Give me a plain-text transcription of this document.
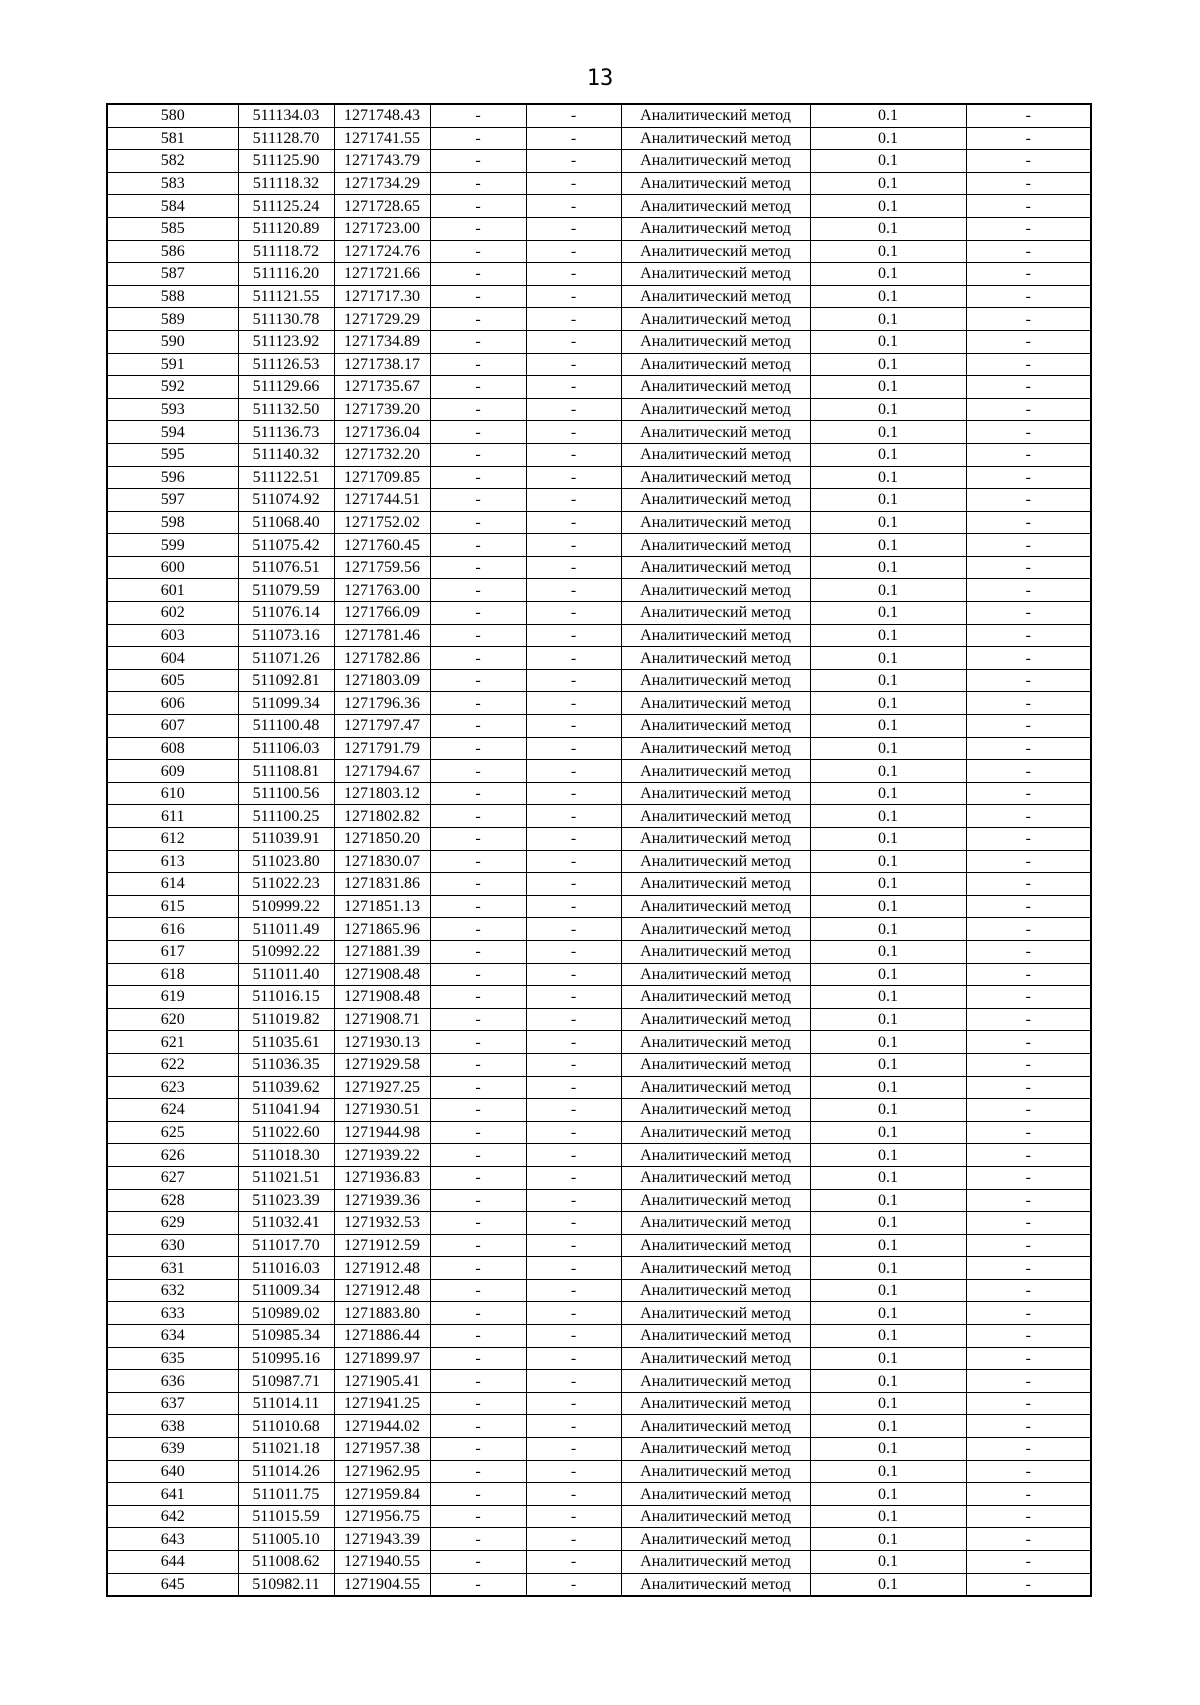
13
580	511134.03	1271748.43	-	-	Аналитический метод	0.1	-
581	511128.70	1271741.55	-	-	Аналитический метод	0.1	-
582	511125.90	1271743.79	-	-	Аналитический метод	0.1	-
583	511118.32	1271734.29	-	-	Аналитический метод	0.1	-
584	511125.24	1271728.65	-	-	Аналитический метод	0.1	-
585	511120.89	1271723.00	-	-	Аналитический метод	0.1	-
586	511118.72	1271724.76	-	-	Аналитический метод	0.1	-
587	511116.20	1271721.66	-	-	Аналитический метод	0.1	-
588	511121.55	1271717.30	-	-	Аналитический метод	0.1	-
589	511130.78	1271729.29	-	-	Аналитический метод	0.1	-
590	511123.92	1271734.89	-	-	Аналитический метод	0.1	-
591	511126.53	1271738.17	-	-	Аналитический метод	0.1	-
592	511129.66	1271735.67	-	-	Аналитический метод	0.1	-
593	511132.50	1271739.20	-	-	Аналитический метод	0.1	-
594	511136.73	1271736.04	-	-	Аналитический метод	0.1	-
595	511140.32	1271732.20	-	-	Аналитический метод	0.1	-
596	511122.51	1271709.85	-	-	Аналитический метод	0.1	-
597	511074.92	1271744.51	-	-	Аналитический метод	0.1	-
598	511068.40	1271752.02	-	-	Аналитический метод	0.1	-
599	511075.42	1271760.45	-	-	Аналитический метод	0.1	-
600	511076.51	1271759.56	-	-	Аналитический метод	0.1	-
601	511079.59	1271763.00	-	-	Аналитический метод	0.1	-
602	511076.14	1271766.09	-	-	Аналитический метод	0.1	-
603	511073.16	1271781.46	-	-	Аналитический метод	0.1	-
604	511071.26	1271782.86	-	-	Аналитический метод	0.1	-
605	511092.81	1271803.09	-	-	Аналитический метод	0.1	-
606	511099.34	1271796.36	-	-	Аналитический метод	0.1	-
607	511100.48	1271797.47	-	-	Аналитический метод	0.1	-
608	511106.03	1271791.79	-	-	Аналитический метод	0.1	-
609	511108.81	1271794.67	-	-	Аналитический метод	0.1	-
610	511100.56	1271803.12	-	-	Аналитический метод	0.1	-
611	511100.25	1271802.82	-	-	Аналитический метод	0.1	-
612	511039.91	1271850.20	-	-	Аналитический метод	0.1	-
613	511023.80	1271830.07	-	-	Аналитический метод	0.1	-
614	511022.23	1271831.86	-	-	Аналитический метод	0.1	-
615	510999.22	1271851.13	-	-	Аналитический метод	0.1	-
616	511011.49	1271865.96	-	-	Аналитический метод	0.1	-
617	510992.22	1271881.39	-	-	Аналитический метод	0.1	-
618	511011.40	1271908.48	-	-	Аналитический метод	0.1	-
619	511016.15	1271908.48	-	-	Аналитический метод	0.1	-
620	511019.82	1271908.71	-	-	Аналитический метод	0.1	-
621	511035.61	1271930.13	-	-	Аналитический метод	0.1	-
622	511036.35	1271929.58	-	-	Аналитический метод	0.1	-
623	511039.62	1271927.25	-	-	Аналитический метод	0.1	-
624	511041.94	1271930.51	-	-	Аналитический метод	0.1	-
625	511022.60	1271944.98	-	-	Аналитический метод	0.1	-
626	511018.30	1271939.22	-	-	Аналитический метод	0.1	-
627	511021.51	1271936.83	-	-	Аналитический метод	0.1	-
628	511023.39	1271939.36	-	-	Аналитический метод	0.1	-
629	511032.41	1271932.53	-	-	Аналитический метод	0.1	-
630	511017.70	1271912.59	-	-	Аналитический метод	0.1	-
631	511016.03	1271912.48	-	-	Аналитический метод	0.1	-
632	511009.34	1271912.48	-	-	Аналитический метод	0.1	-
633	510989.02	1271883.80	-	-	Аналитический метод	0.1	-
634	510985.34	1271886.44	-	-	Аналитический метод	0.1	-
635	510995.16	1271899.97	-	-	Аналитический метод	0.1	-
636	510987.71	1271905.41	-	-	Аналитический метод	0.1	-
637	511014.11	1271941.25	-	-	Аналитический метод	0.1	-
638	511010.68	1271944.02	-	-	Аналитический метод	0.1	-
639	511021.18	1271957.38	-	-	Аналитический метод	0.1	-
640	511014.26	1271962.95	-	-	Аналитический метод	0.1	-
641	511011.75	1271959.84	-	-	Аналитический метод	0.1	-
642	511015.59	1271956.75	-	-	Аналитический метод	0.1	-
643	511005.10	1271943.39	-	-	Аналитический метод	0.1	-
644	511008.62	1271940.55	-	-	Аналитический метод	0.1	-
645	510982.11	1271904.55	-	-	Аналитический метод	0.1	-
